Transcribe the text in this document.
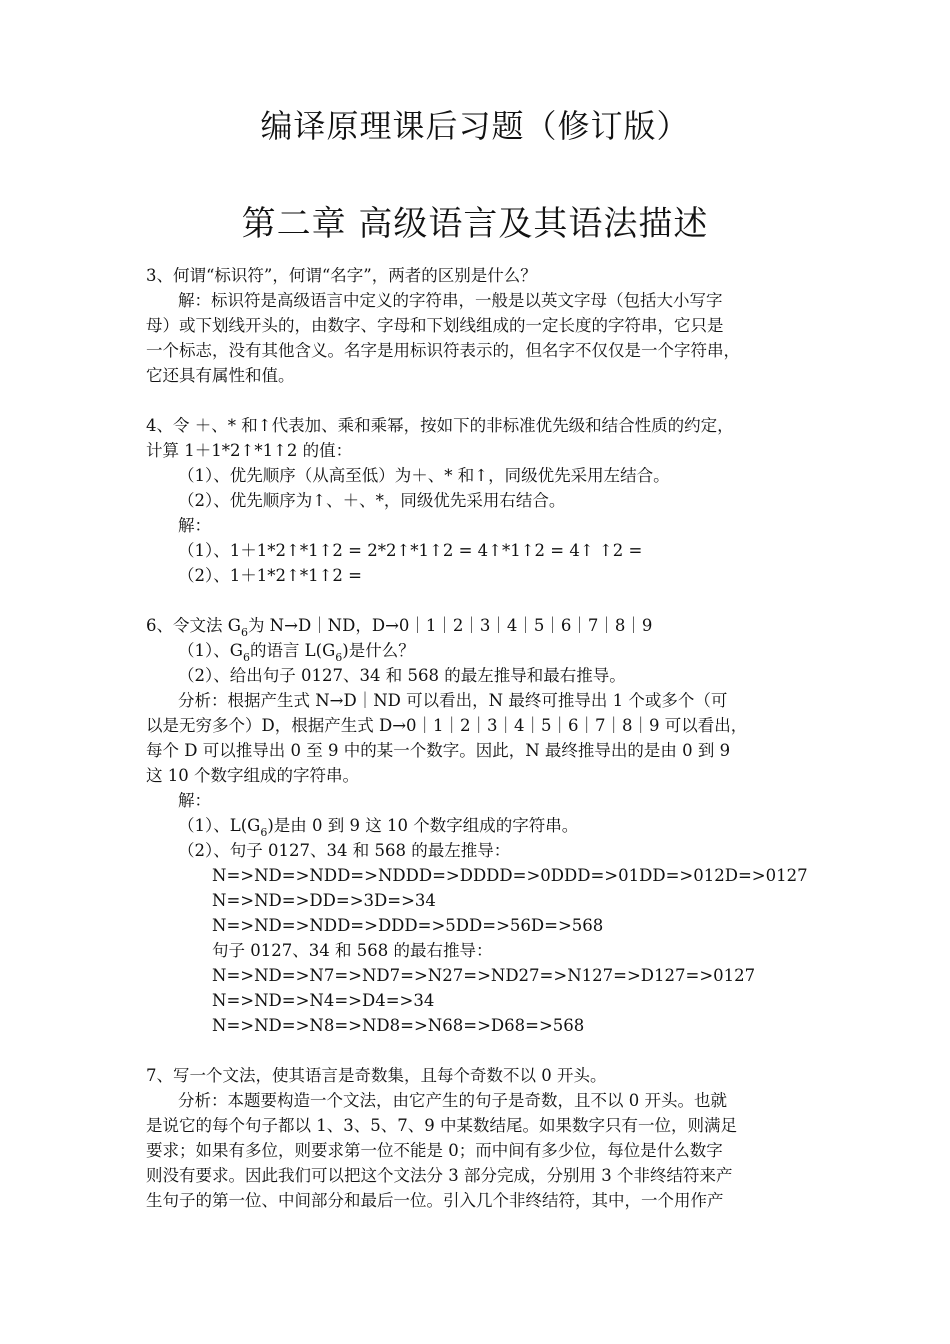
编译原理课后习题（修订版）
第二章 高级语言及其语法描述

3、何谓“标识符”，何谓“名字”，两者的区别是什么？

解：标识符是高级语言中定义的字符串，一般是以英文字母（包括大小写字

母）或下划线开头的，由数字、字母和下划线组成的一定长度的字符串，它只是

一个标志，没有其他含义。名字是用标识符表示的，但名字不仅仅是一个字符串，

它还具有属性和值。

4、令 ＋、* 和↑代表加、乘和乘幂，按如下的非标准优先级和结合性质的约定，

计算 1＋1*2↑*1↑2 的值：

（1）、优先顺序（从高至低）为＋、* 和↑，同级优先采用左结合。

（2）、优先顺序为↑、＋、*，同级优先采用右结合。

解：

（1）、1＋1*2↑*1↑2 = 2*2↑*1↑2 = 4↑*1↑2 = 4↑ ↑2 =

（2）、1＋1*2↑*1↑2 =

6、令文法 $G_6$为 N→D｜ND，D→0｜1｜2｜3｜4｜5｜6｜7｜8｜9

（1）、$G_6$的语言 $L(G_6)$是什么？

（2）、给出句子 0127、34 和 568 的最左推导和最右推导。

分析：根据产生式 N→D｜ND 可以看出，N 最终可推导出 1 个或多个（可

以是无穷多个）D，根据产生式 D→0｜1｜2｜3｜4｜5｜6｜7｜8｜9 可以看出，

每个 D 可以推导出 0 至 9 中的某一个数字。因此，N 最终推导出的是由 0 到 9

这 10 个数字组成的字符串。

解：

（1）、$L(G_6)$是由 0 到 9 这 10 个数字组成的字符串。

（2）、句子 0127、34 和 568 的最左推导：

N=>ND=>NDD=>NDDD=>DDDD=>0DDD=>01DD=>012D=>0127

N=>ND=>DD=>3D=>34

N=>ND=>NDD=>DDD=>5DD=>56D=>568

句子 0127、34 和 568 的最右推导：

N=>ND=>N7=>ND7=>N27=>ND27=>N127=>D127=>0127

N=>ND=>N4=>D4=>34

N=>ND=>N8=>ND8=>N68=>D68=>568

7、写一个文法，使其语言是奇数集，且每个奇数不以 0 开头。

分析：本题要构造一个文法，由它产生的句子是奇数，且不以 0 开头。也就

是说它的每个句子都以 1、3、5、7、9 中某数结尾。如果数字只有一位，则满足

要求；如果有多位，则要求第一位不能是 0；而中间有多少位，每位是什么数字

则没有要求。因此我们可以把这个文法分 3 部分完成，分别用 3 个非终结符来产

生句子的第一位、中间部分和最后一位。引入几个非终结符，其中，一个用作产
